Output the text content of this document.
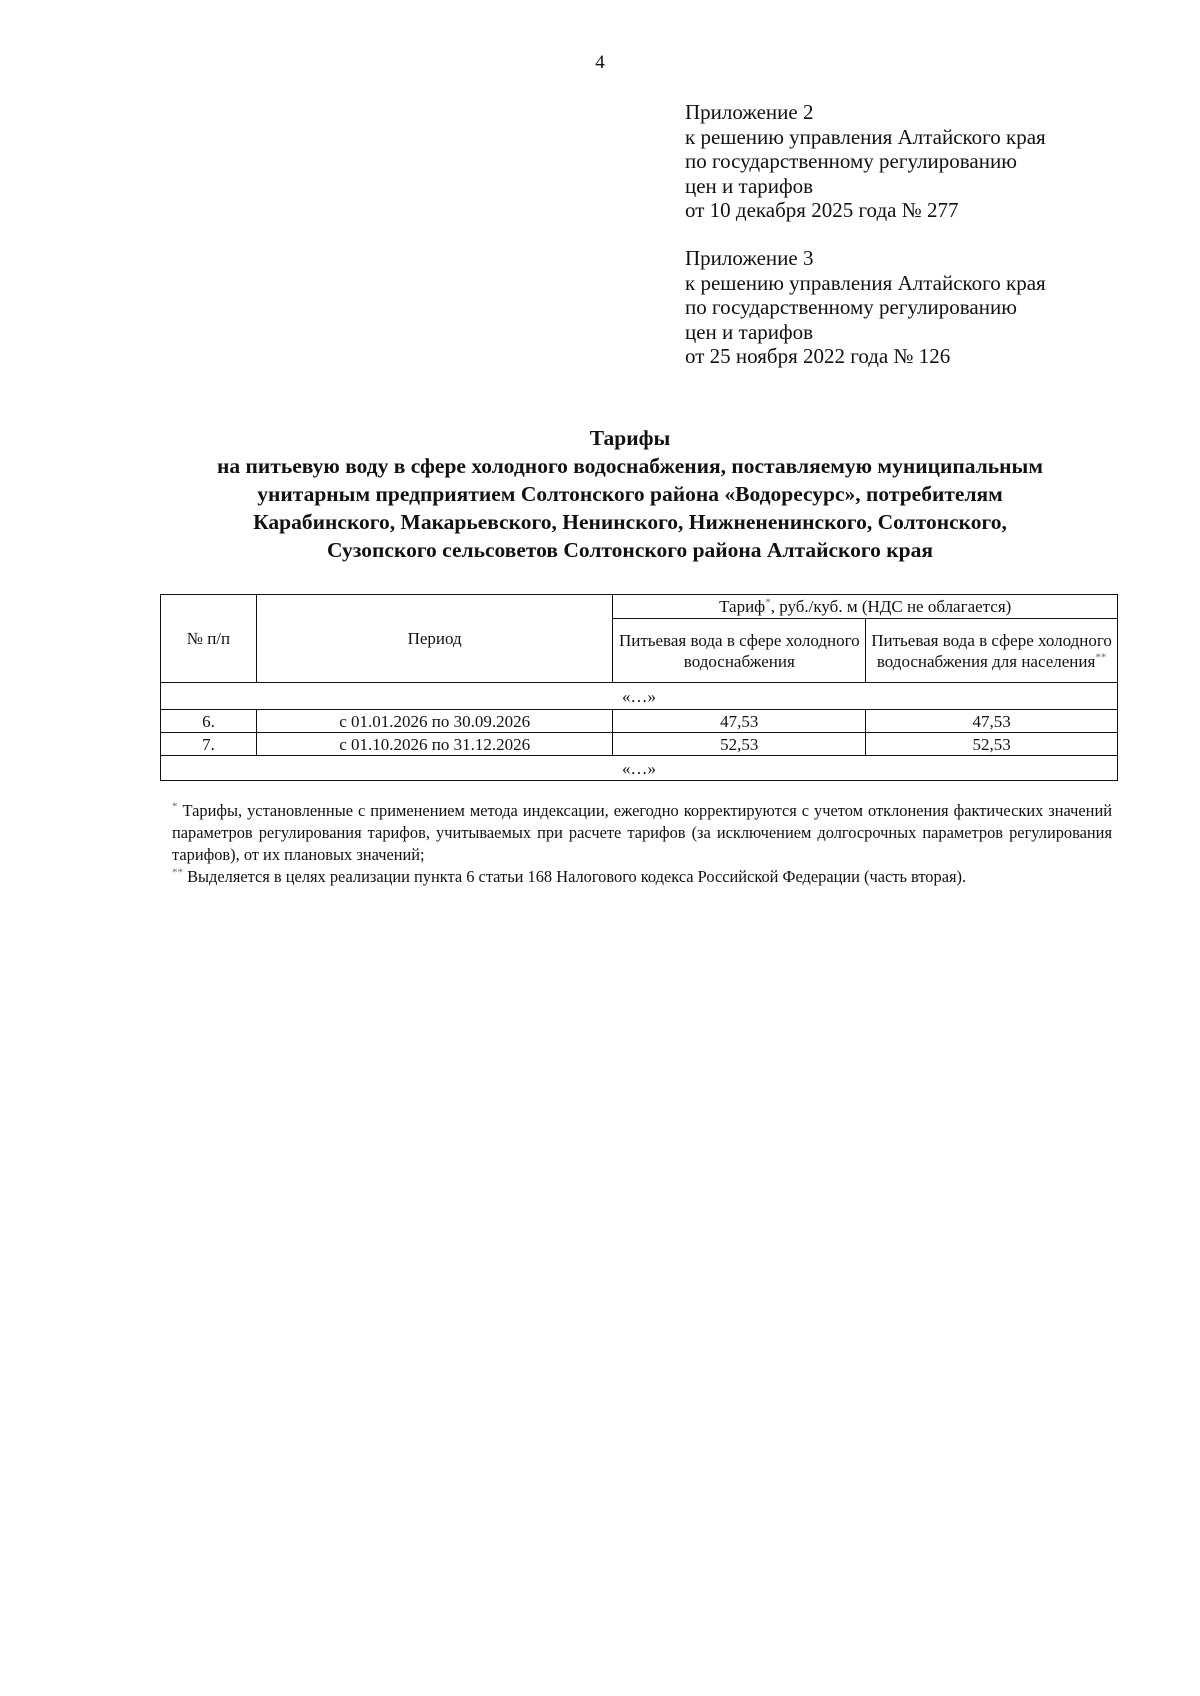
4
Приложение 2
к решению управления Алтайского края
по государственному регулированию
цен и тарифов
от 10 декабря 2025 года № 277
Приложение 3
к решению управления Алтайского края
по государственному регулированию
цен и тарифов
от 25 ноября 2022 года № 126
Тарифы
на питьевую воду в сфере холодного водоснабжения, поставляемую муниципальным
унитарным предприятием Солтонского района «Водоресурс», потребителям
Карабинского, Макарьевского, Ненинского, Нижнененинского, Солтонского,
Сузопского сельсоветов Солтонского района Алтайского края
№ п/п	Период	Тариф*, руб./куб. м (НДС не облагается)	
		Питьевая вода в сфере холодного водоснабжения	Питьевая вода в сфере холодного водоснабжения для населения**
«…»			
6.	с 01.01.2026 по 30.09.2026	47,53	47,53
7.	с 01.10.2026 по 31.12.2026	52,53	52,53
«…»			

* Тарифы, установленные с применением метода индексации, ежегодно корректируются с учетом отклонения фактических значений параметров регулирования тарифов, учитываемых при расчете тарифов (за исключением долгосрочных параметров регулирования тарифов), от их плановых значений;

** Выделяется в целях реализации пункта 6 статьи 168 Налогового кодекса Российской Федерации (часть вторая).
